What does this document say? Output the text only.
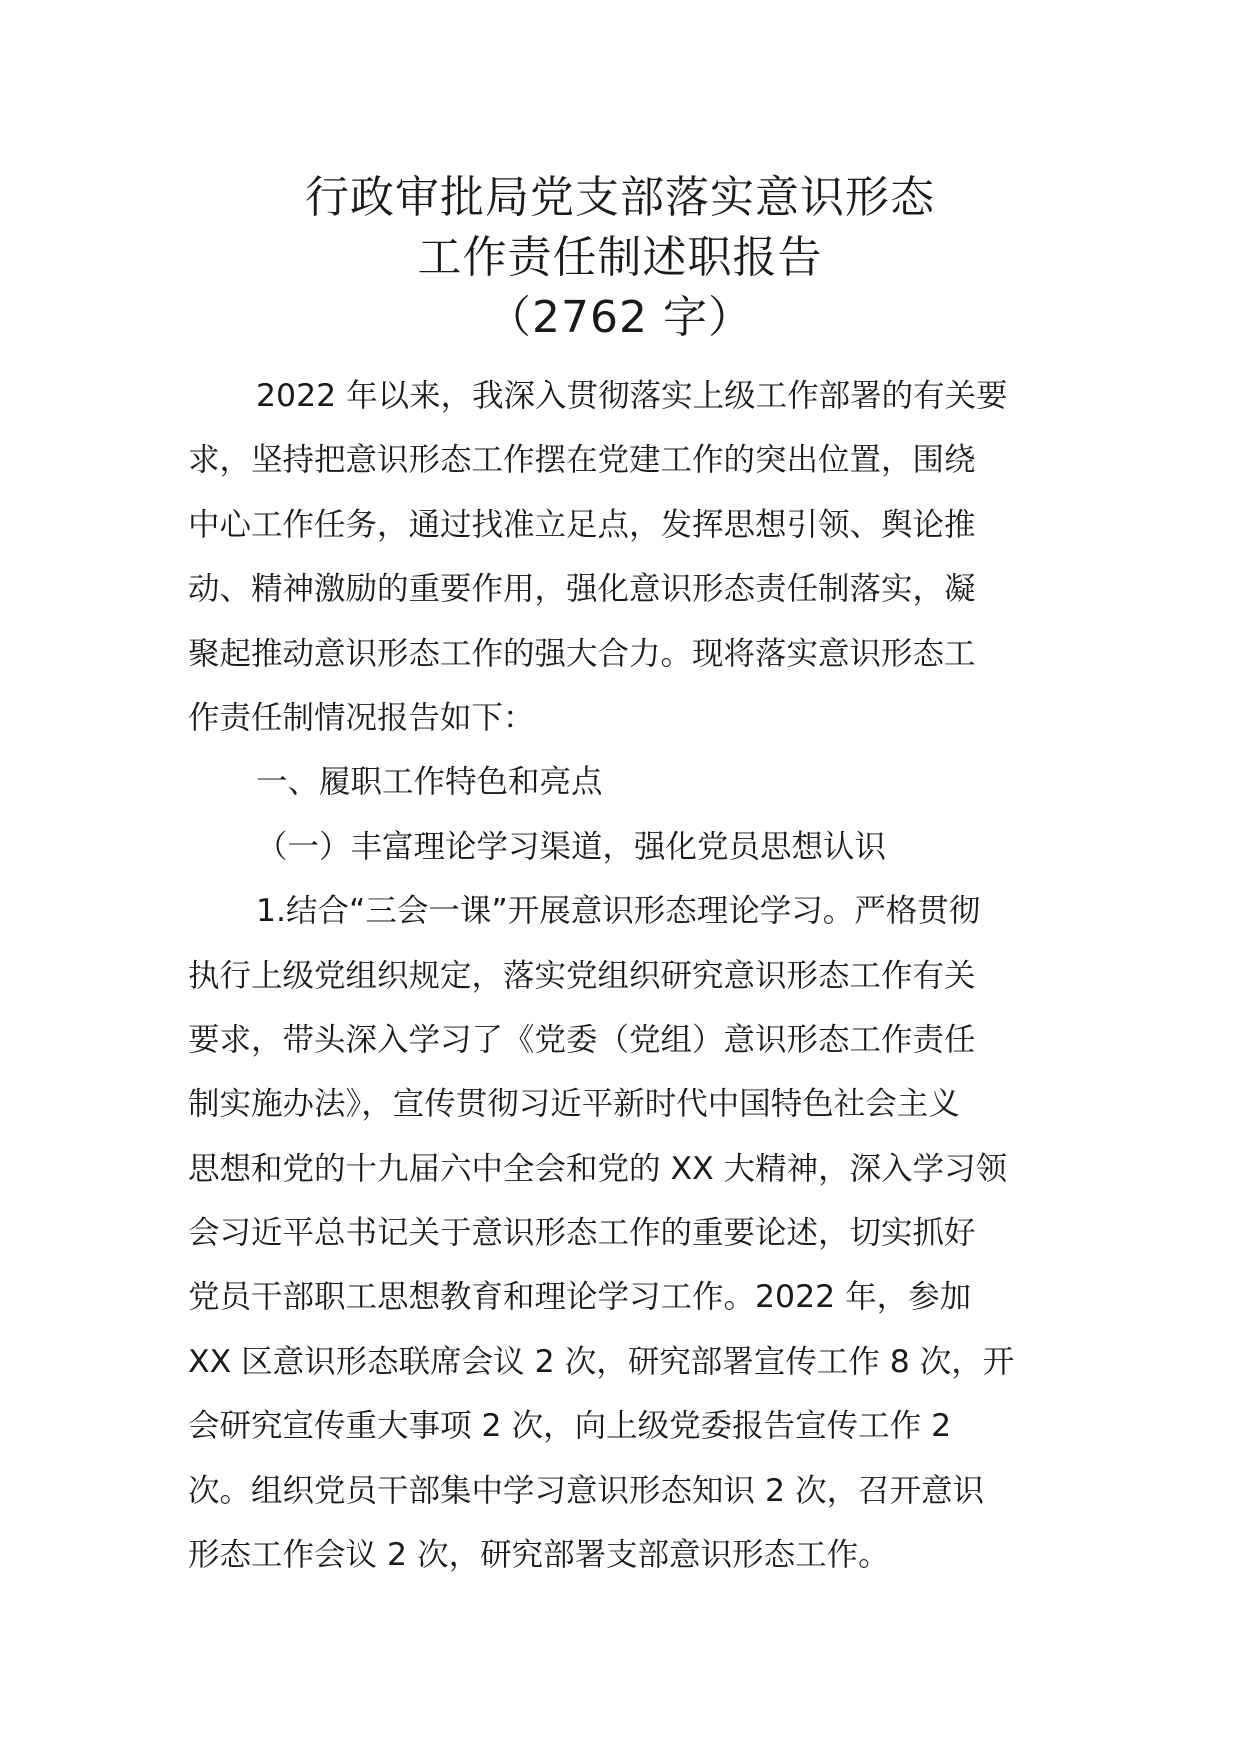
行政审批局党支部落实意识形态
工作责任制述职报告
（2762 字）
2022 年以来，我深入贯彻落实上级工作部署的有关要
求，坚持把意识形态工作摆在党建工作的突出位置，围绕
中心工作任务，通过找准立足点，发挥思想引领、舆论推
动、精神激励的重要作用，强化意识形态责任制落实，凝
聚起推动意识形态工作的强大合力。现将落实意识形态工
作责任制情况报告如下：
一、履职工作特色和亮点
（一）丰富理论学习渠道，强化党员思想认识
1.结合“三会一课”开展意识形态理论学习。严格贯彻
执行上级党组织规定，落实党组织研究意识形态工作有关
要求，带头深入学习了《党委（党组）意识形态工作责任
制实施办法》，宣传贯彻习近平新时代中国特色社会主义
思想和党的十九届六中全会和党的 XX 大精神，深入学习领
会习近平总书记关于意识形态工作的重要论述，切实抓好
党员干部职工思想教育和理论学习工作。2022 年，参加
XX 区意识形态联席会议 2 次，研究部署宣传工作 8 次，开
会研究宣传重大事项 2 次，向上级党委报告宣传工作 2
次。组织党员干部集中学习意识形态知识 2 次，召开意识
形态工作会议 2 次，研究部署支部意识形态工作。
